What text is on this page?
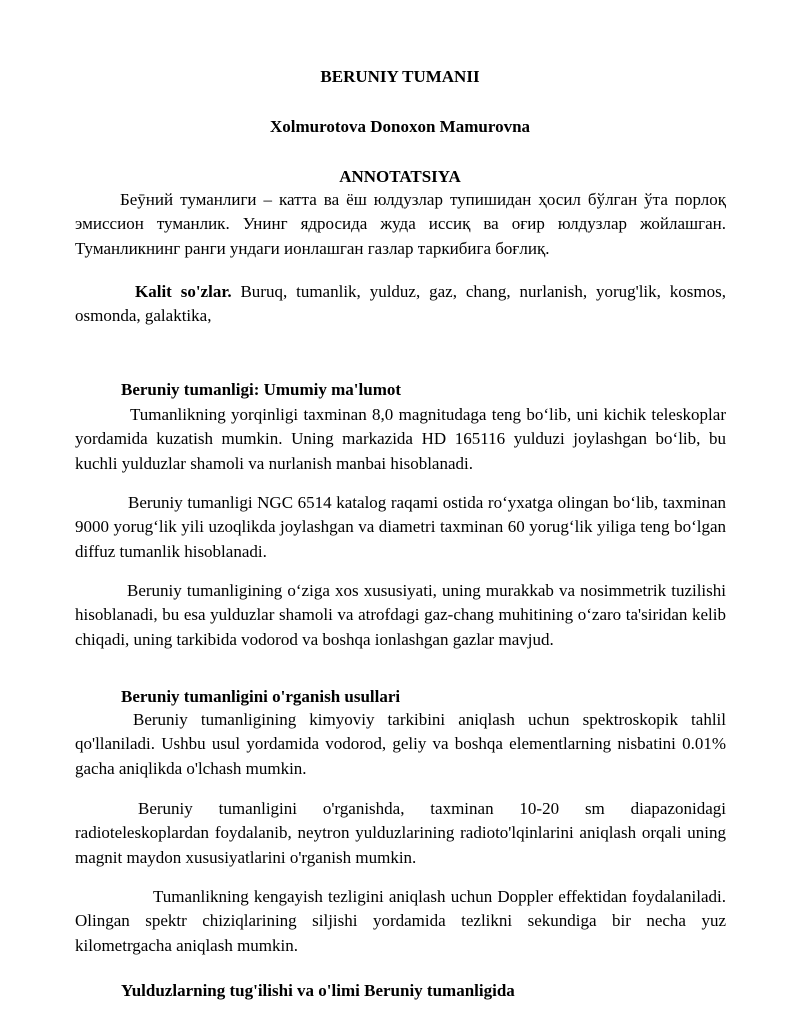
BERUNIY TUMANII
Xolmurotova Donoxon Mamurovna
ANNOTATSIYA

Беӯний туманлиги – катта ва ёш юлдузлар тупишидан ҳосил бўлган ўта порлоқ эмиссион туманлик. Унинг ядросида жуда иссиқ ва оғир юлдузлар жойлашган. Туманликнинг ранги ундаги ионлашган газлар таркибига боғлиқ.

Kalit so'zlar. Buruq, tumanlik, yulduz, gaz, chang, nurlanish, yorug'lik, kosmos, osmonda, galaktika,

Beruniy tumanligi: Umumiy ma'lumot

Tumanlikning yorqinligi taxminan 8,0 magnitudaga teng boʻlib, uni kichik teleskoplar yordamida kuzatish mumkin. Uning markazida HD 165116 yulduzi joylashgan boʻlib, bu kuchli yulduzlar shamoli va nurlanish manbai hisoblanadi.

Beruniy tumanligi NGC 6514 katalog raqami ostida roʻyxatga olingan boʻlib, taxminan 9000 yorugʻlik yili uzoqlikda joylashgan va diametri taxminan 60 yorugʻlik yiliga teng boʻlgan diffuz tumanlik hisoblanadi.

Beruniy tumanligining oʻziga xos xususiyati, uning murakkab va nosimmetrik tuzilishi hisoblanadi, bu esa yulduzlar shamoli va atrofdagi gaz-chang muhitining oʻzaro ta'siridan kelib chiqadi, uning tarkibida vodorod va boshqa ionlashgan gazlar mavjud.

Beruniy tumanligini o'rganish usullari

Beruniy tumanligining kimyoviy tarkibini aniqlash uchun spektroskopik tahlil qo'llaniladi. Ushbu usul yordamida vodorod, geliy va boshqa elementlarning nisbatini 0.01% gacha aniqlikda o'lchash mumkin.

Beruniy tumanligini o'rganishda, taxminan 10-20 sm diapazonidagi radioteleskoplardan foydalanib, neytron yulduzlarining radioto'lqinlarini aniqlash orqali uning magnit maydon xususiyatlarini o'rganish mumkin.

Tumanlikning kengayish tezligini aniqlash uchun Doppler effektidan foydalaniladi. Olingan spektr chiziqlarining siljishi yordamida tezlikni sekundiga bir necha yuz kilometrgacha aniqlash mumkin.

Yulduzlarning tug'ilishi va o'limi Beruniy tumanligida
